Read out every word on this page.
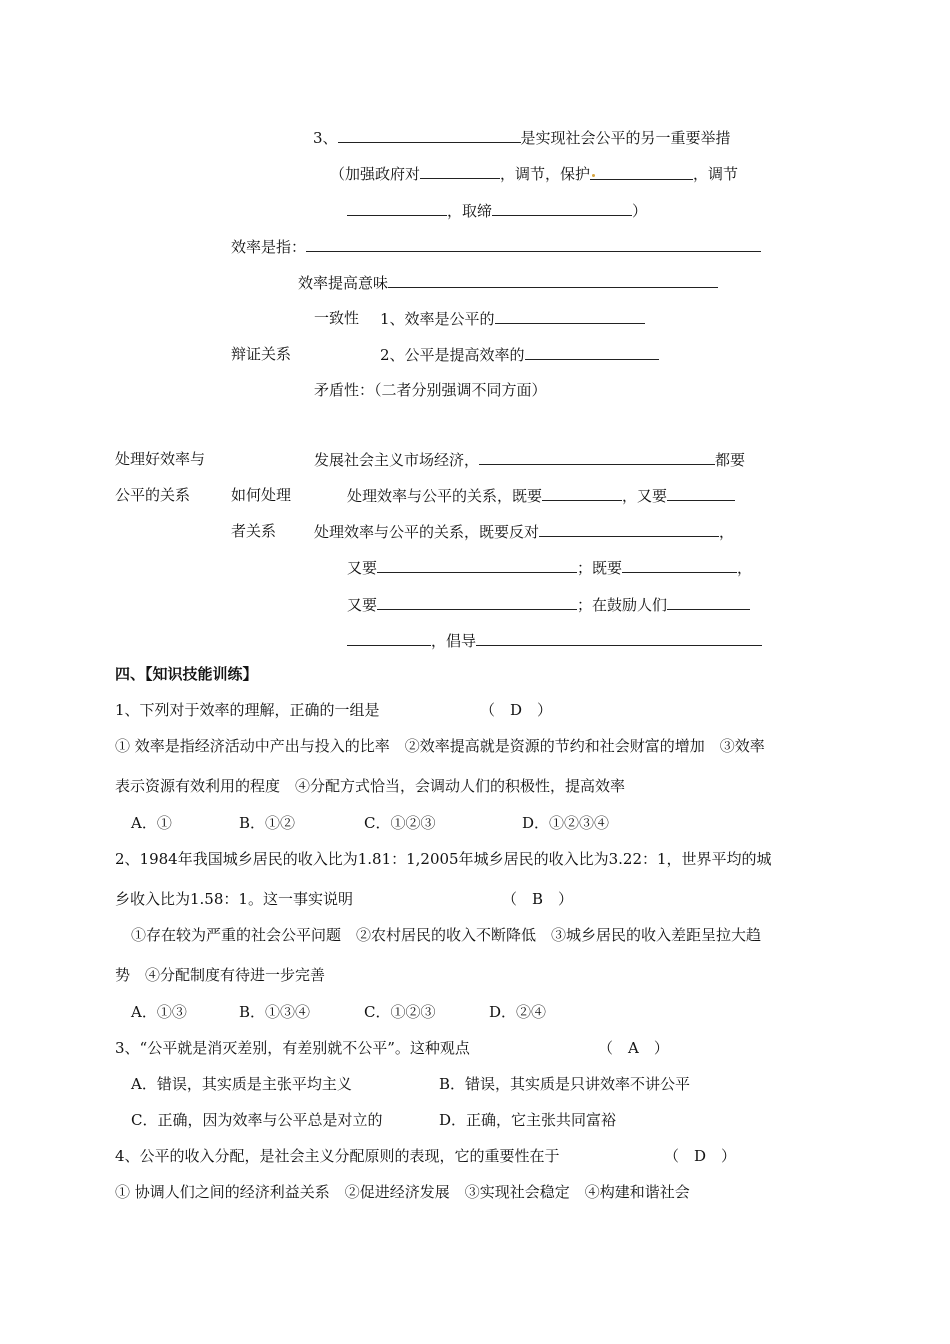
3、	是实现社会公平的另一重要举措
（加强政府对	，调节，保护	，调节
，取缔	）
效率是指：
效率提高意味
一致性 1、效率是公平的
辩证关系	2、公平是提高效率的
矛盾性：（二者分别强调不同方面）
处理好效率与	发展社会主义市场经济，	都要
公平的关系	如何处理	处理效率与公平的关系，既要	，又要
者关系	处理效率与公平的关系，既要反对	，
又要	；既要	，
又要	；在鼓励人们
，倡导
四、【知识技能训练】
1、下列对于效率的理解，正确的一组是	（　D　）
① 效率是指经济活动中产出与投入的比率　②效率提高就是资源的节约和社会财富的增加　③效率
表示资源有效利用的程度　④分配方式恰当，会调动人们的积极性，提高效率
A．①	B．①②	C．①②③	D．①②③④
2、1984年我国城乡居民的收入比为1.81：1,2005年城乡居民的收入比为3.22：1，世界平均的城
乡收入比为1.58：1。这一事实说明	（　B　）
①存在较为严重的社会公平问题　②农村居民的收入不断降低　③城乡居民的收入差距呈拉大趋
势　④分配制度有待进一步完善
A．①③	B．①③④	C．①②③	D．②④
3、“公平就是消灭差别，有差别就不公平”。这种观点	（　A　）
A．错误，其实质是主张平均主义	B．错误，其实质是只讲效率不讲公平
C．正确，因为效率与公平总是对立的	D．正确，它主张共同富裕
4、公平的收入分配，是社会主义分配原则的表现，它的重要性在于	（　D　）
① 协调人们之间的经济利益关系　②促进经济发展　③实现社会稳定　④构建和谐社会
